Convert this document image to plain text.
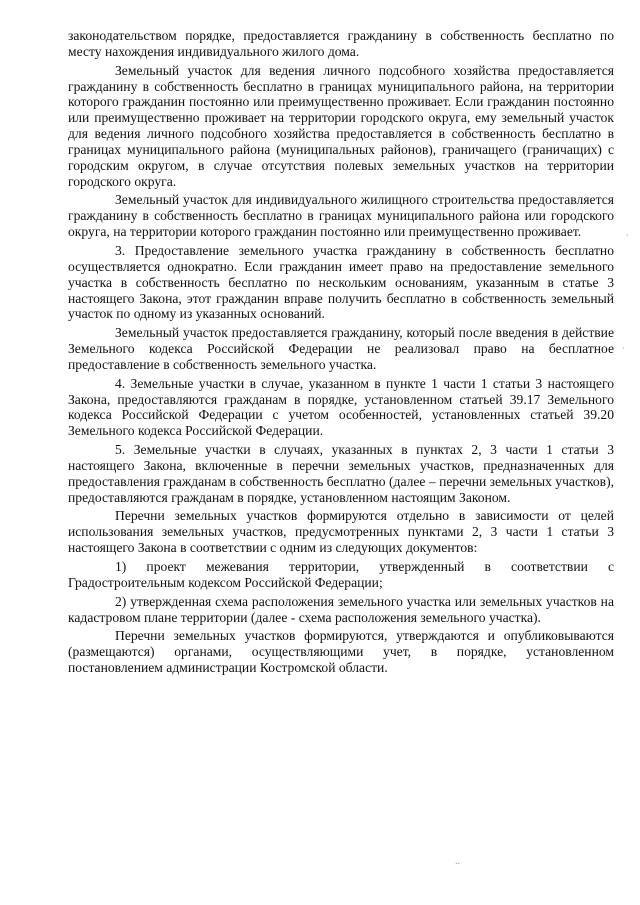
законодательством порядке, предоставляется гражданину в собственность бесплатно по месту нахождения индивидуального жилого дома.

Земельный участок для ведения личного подсобного хозяйства предоставляется гражданину в собственность бесплатно в границах муниципального района, на территории которого гражданин постоянно или преимущественно проживает. Если гражданин постоянно или преимущественно проживает на территории городского округа, ему земельный участок для ведения личного подсобного хозяйства предоставляется в собственность бесплатно в границах муниципального района (муниципальных районов), граничащего (граничащих) с городским округом, в случае отсутствия полевых земельных участков на территории городского округа.

Земельный участок для индивидуального жилищного строительства предоставляется гражданину в собственность бесплатно в границах муниципального района или городского округа, на территории которого гражданин постоянно или преимущественно проживает.

3. Предоставление земельного участка гражданину в собственность бесплатно осуществляется однократно. Если гражданин имеет право на предоставление земельного участка в собственность бесплатно по нескольким основаниям, указанным в статье 3 настоящего Закона, этот гражданин вправе получить бесплатно в собственность земельный участок по одному из указанных оснований.

Земельный участок предоставляется гражданину, который после введения в действие Земельного кодекса Российской Федерации не реализовал право на бесплатное предоставление в собственность земельного участка.

4. Земельные участки в случае, указанном в пункте 1 части 1 статьи 3 настоящего Закона, предоставляются гражданам в порядке, установленном статьей 39.17 Земельного кодекса Российской Федерации с учетом особенностей, установленных статьей 39.20 Земельного кодекса Российской Федерации.

5. Земельные участки в случаях, указанных в пунктах 2, 3 части 1 статьи 3 настоящего Закона, включенные в перечни земельных участков, предназначенных для предоставления гражданам в собственность бесплатно (далее – перечни земельных участков), предоставляются гражданам в порядке, установленном настоящим Законом.

Перечни земельных участков формируются отдельно в зависимости от целей использования земельных участков, предусмотренных пунктами 2, 3 части 1 статьи 3 настоящего Закона в соответствии с одним из следующих документов:

1) проект межевания территории, утвержденный в соответствии с Градостроительным кодексом Российской Федерации;

2) утвержденная схема расположения земельного участка или земельных участков на кадастровом плане территории (далее - схема расположения земельного участка).

Перечни земельных участков формируются, утверждаются и опубликовываются (размещаются) органами, осуществляющими учет, в порядке, установленном постановлением администрации Костромской области.

·
·
..
